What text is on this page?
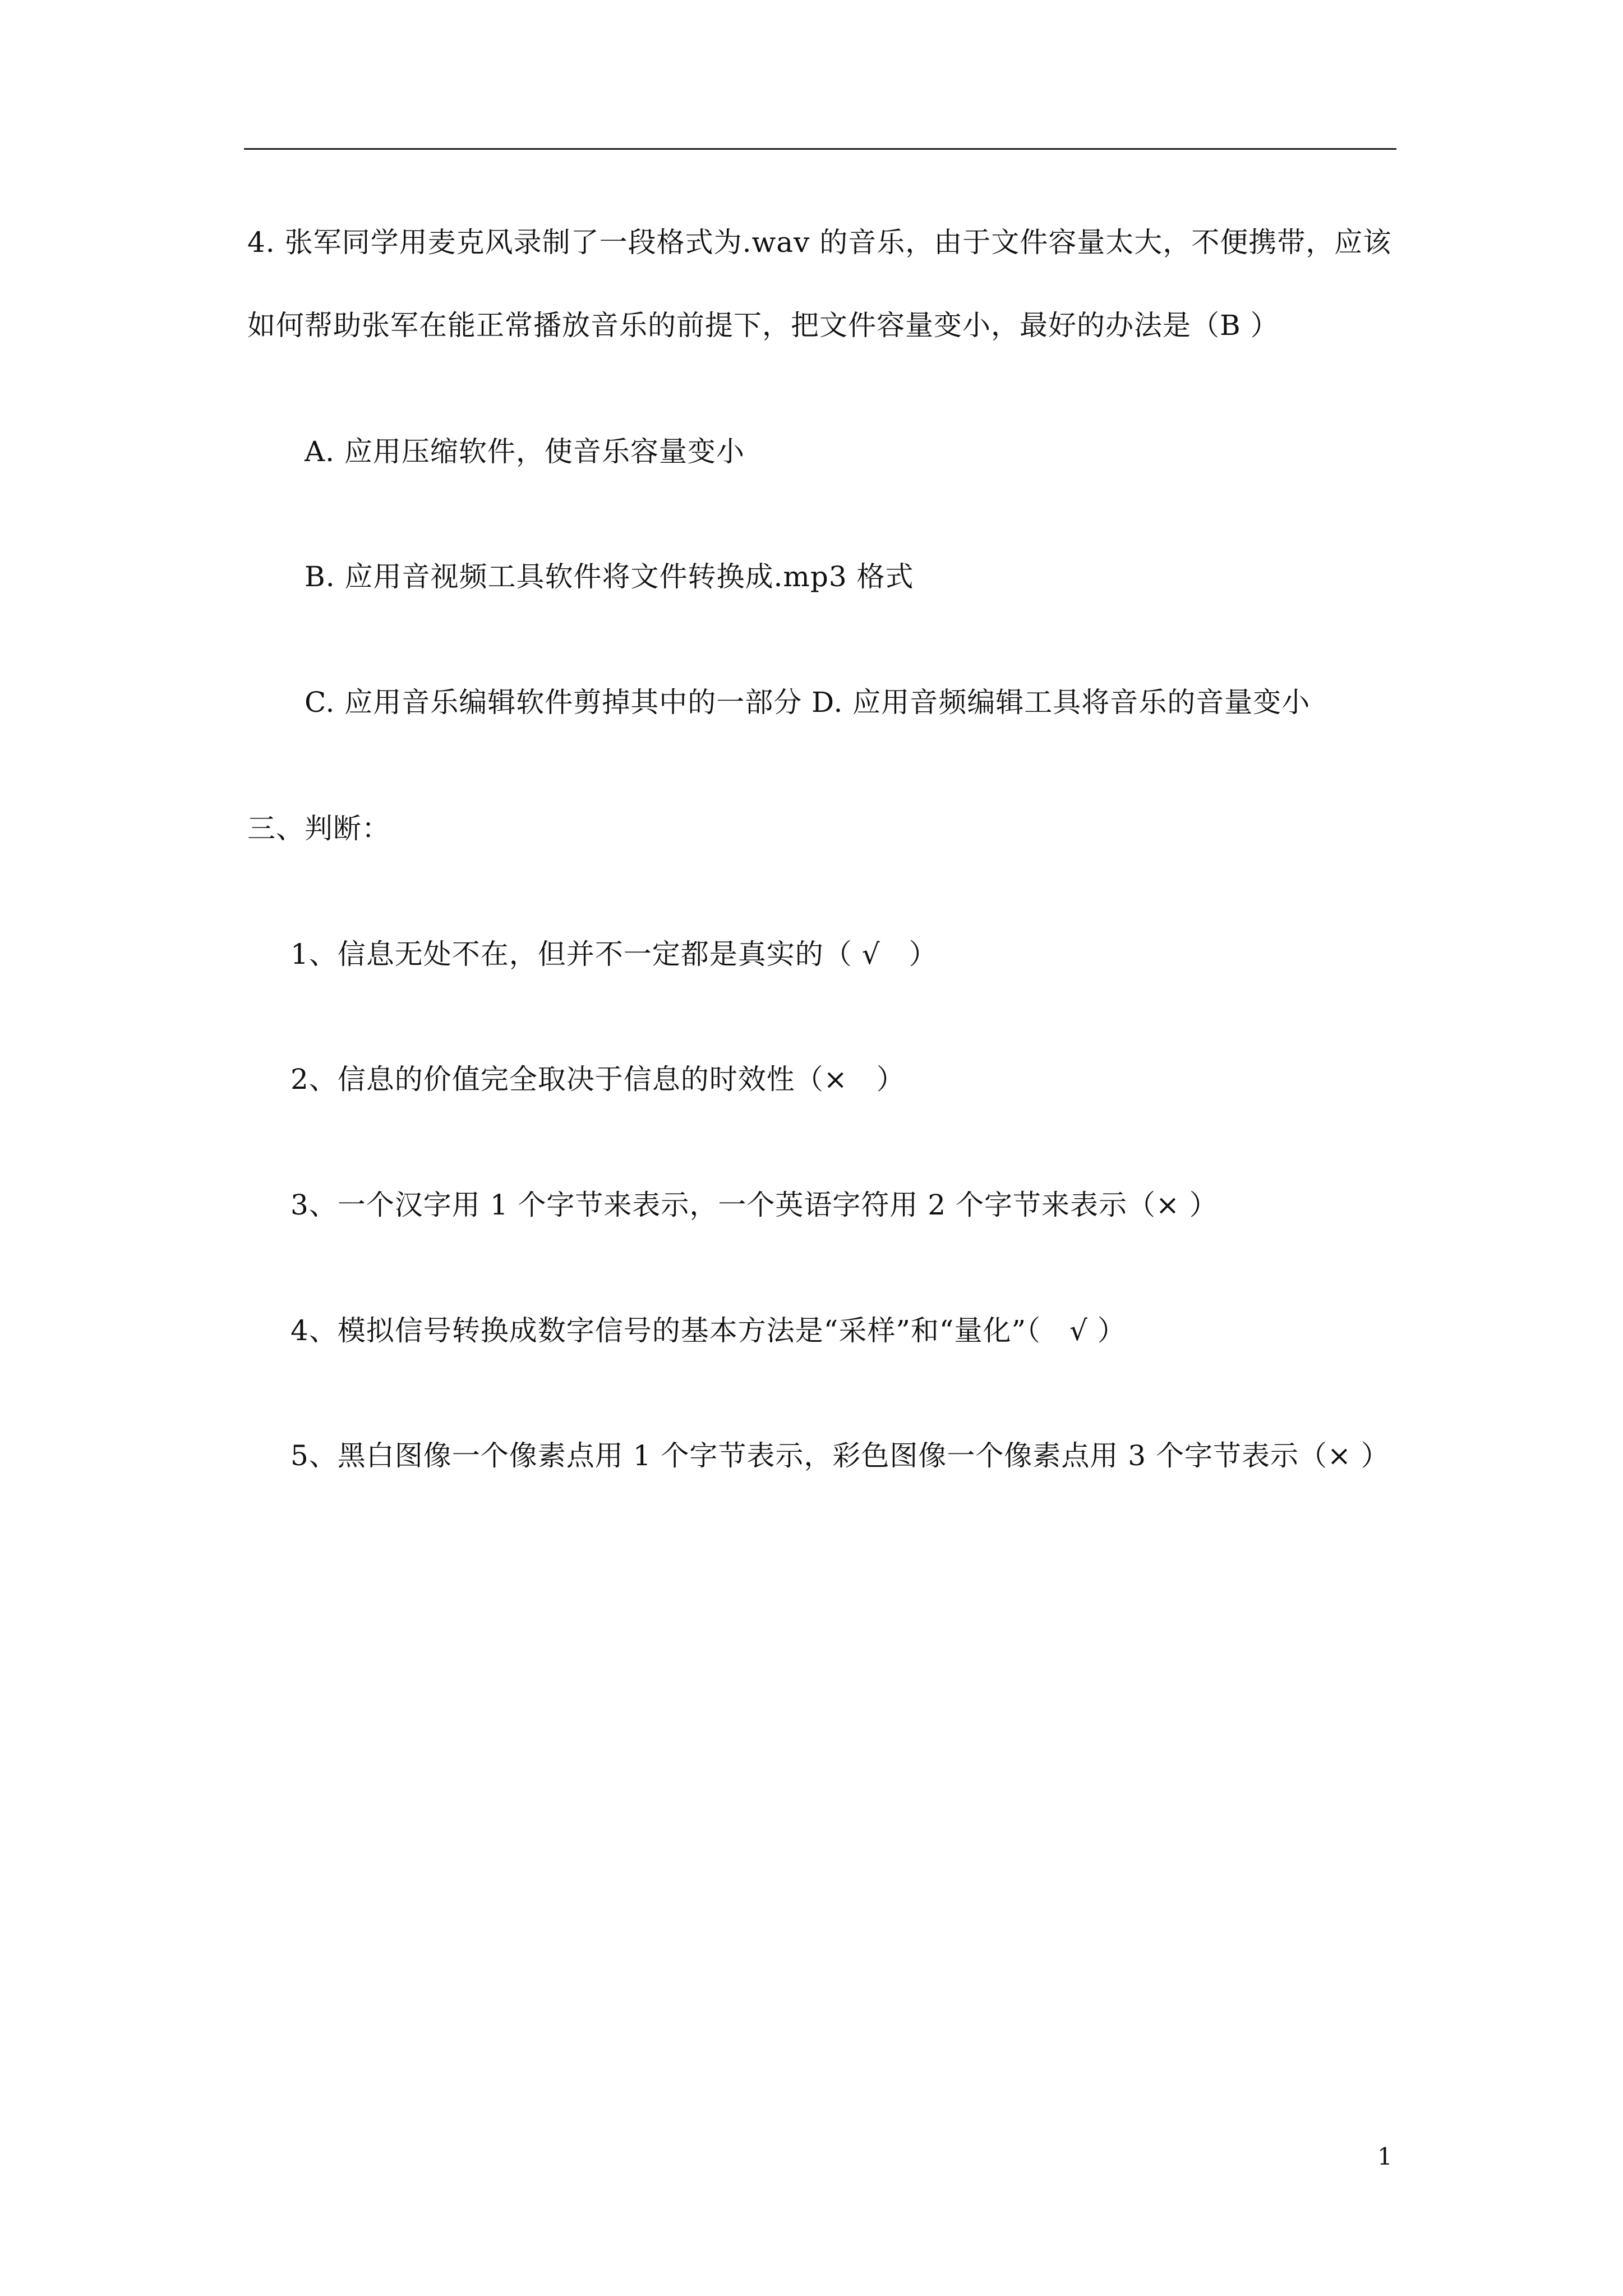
4. 张军同学用麦克风录制了一段格式为.wav 的音乐，由于文件容量太大，不便携带，应该
如何帮助张军在能正常播放音乐的前提下，把文件容量变小，最好的办法是（B ）
A. 应用压缩软件，使音乐容量变小
B. 应用音视频工具软件将文件转换成.mp3 格式
C. 应用音乐编辑软件剪掉其中的一部分 D. 应用音频编辑工具将音乐的音量变小
三、判断：
1、信息无处不在，但并不一定都是真实的（ √　）
2、信息的价值完全取决于信息的时效性（×　）
3、一个汉字用 1 个字节来表示，一个英语字符用 2 个字节来表示（× ）
4、模拟信号转换成数字信号的基本方法是“采样”和“量化”（　√ ）
5、黑白图像一个像素点用 1 个字节表示，彩色图像一个像素点用 3 个字节表示（× ）
1
